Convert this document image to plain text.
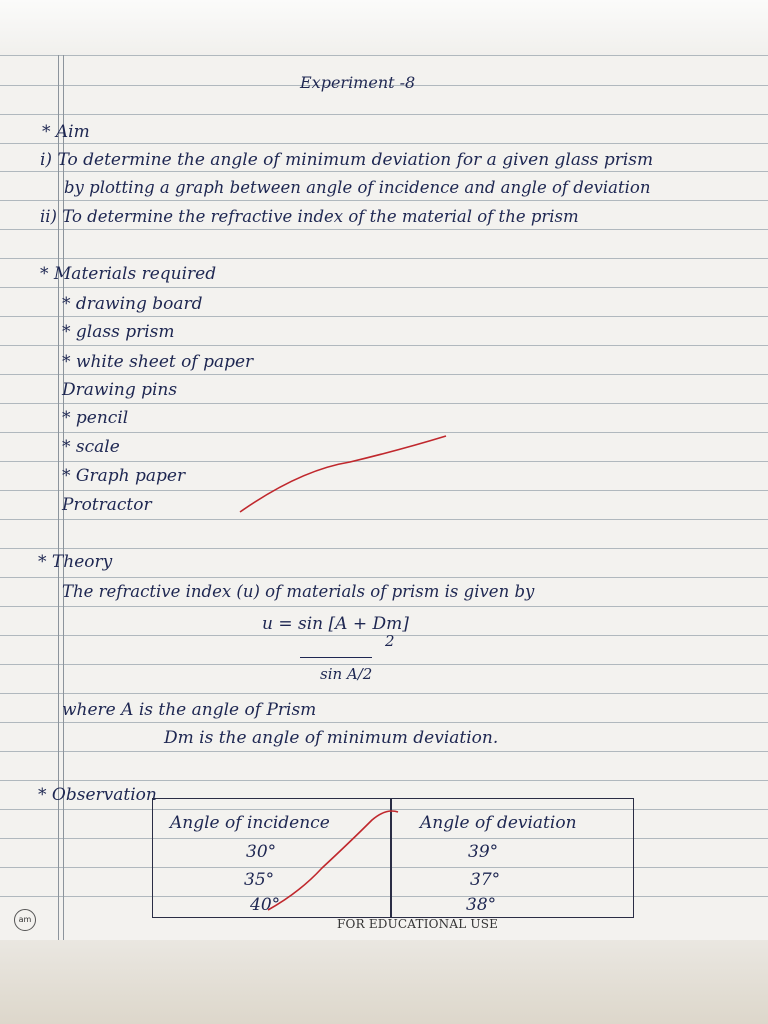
Experiment -8
* Aim
i) To determine the angle of minimum deviation for a given glass prism
by plotting a graph between angle of incidence and angle of deviation
ii) To determine the refractive index of the material of the prism
* Materials required
* drawing board
* glass prism
* white sheet of paper
Drawing pins
* pencil
* scale
* Graph paper
Protractor
* Theory
The refractive index (u) of materials of prism is given by
u = sin [A + Dm]
2
sin A/2
where A is the angle of Prism
Dm is the angle of minimum deviation.
* Observation
Angle of incidence	Angle of deviation
30°	39°
35°	37°
40°	38°
am	FOR EDUCATIONAL USE
